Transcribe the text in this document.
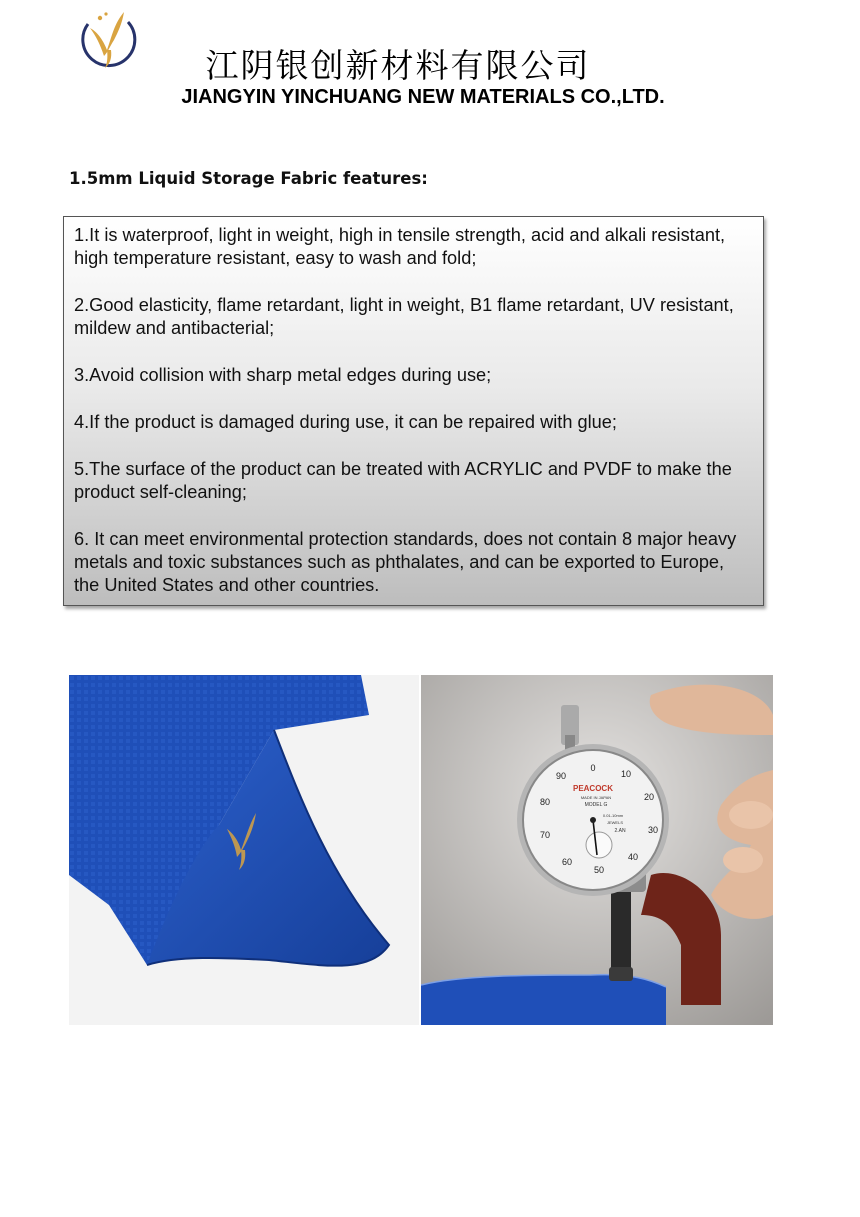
江阴银创新材料有限公司
JIANGYIN YINCHUANG NEW MATERIALS CO.,LTD.
1.5mm Liquid Storage Fabric features:

1.It is waterproof, light in weight, high in tensile strength, acid and alkali resistant, high temperature resistant, easy to wash and fold;

2.Good elasticity, flame retardant, light in weight, B1 flame retardant, UV resistant, mildew and antibacterial;

3.Avoid collision with sharp metal edges during use;

4.If the product is damaged during use, it can be repaired with glue;

5.The surface of the product can be treated with ACRYLIC and PVDF to make the product self-cleaning;

6. It can meet environmental protection standards, does not contain 8 major heavy metals and toxic substances such as phthalates, and can be exported to Europe, the United States and other countries.

0
10
20
30
40
50
60
70
80
90
PEACOCK
MADE IN JAPAN
MODEL G
0.01-10mm
JEWELS
2.AN
